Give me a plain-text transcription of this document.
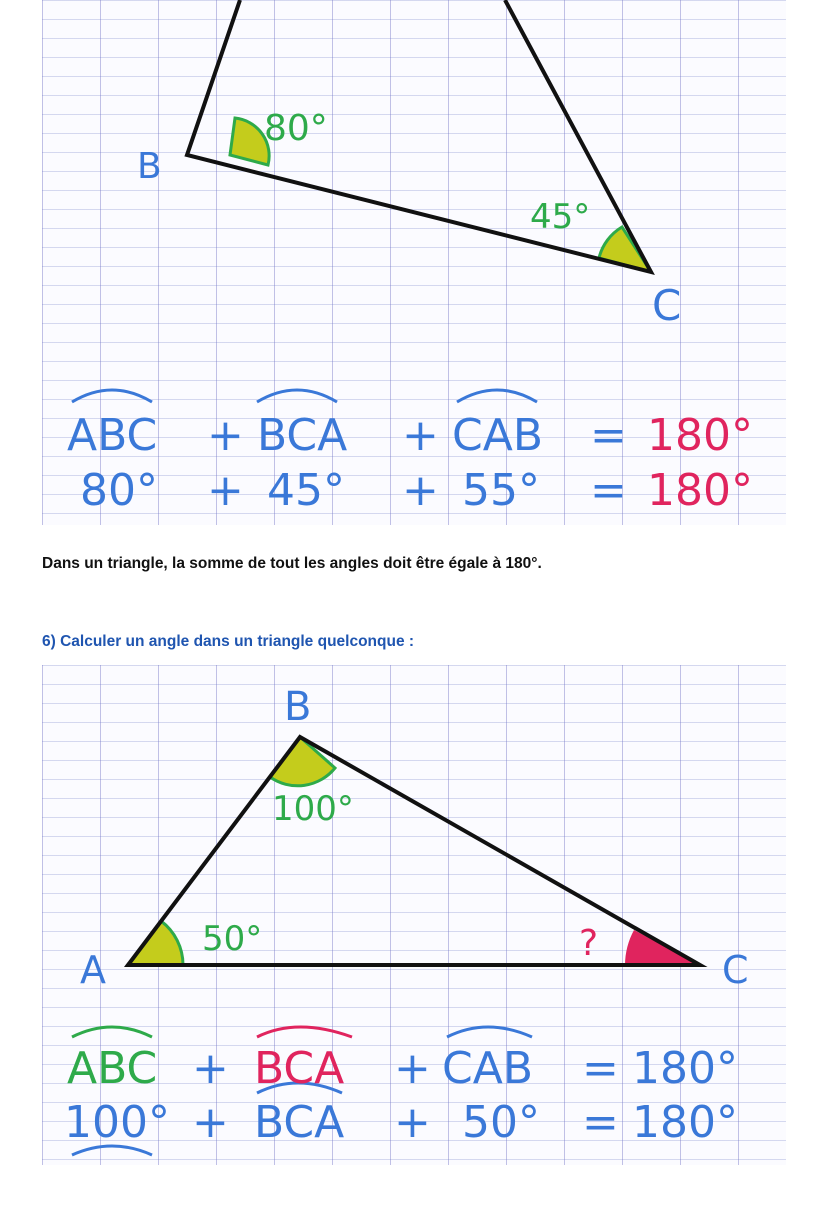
B
80°
45°
C
ABC + BCA + CAB = 180°
80° + 45° + 55° = 180°
Dans un triangle, la somme de tout les angles doit être égale à 180°.
6) Calculer un angle dans un triangle quelconque :
B
100°
50°	?
A	C
ABC + BCA + CAB = 180°
100° + BCA + 50° = 180°
